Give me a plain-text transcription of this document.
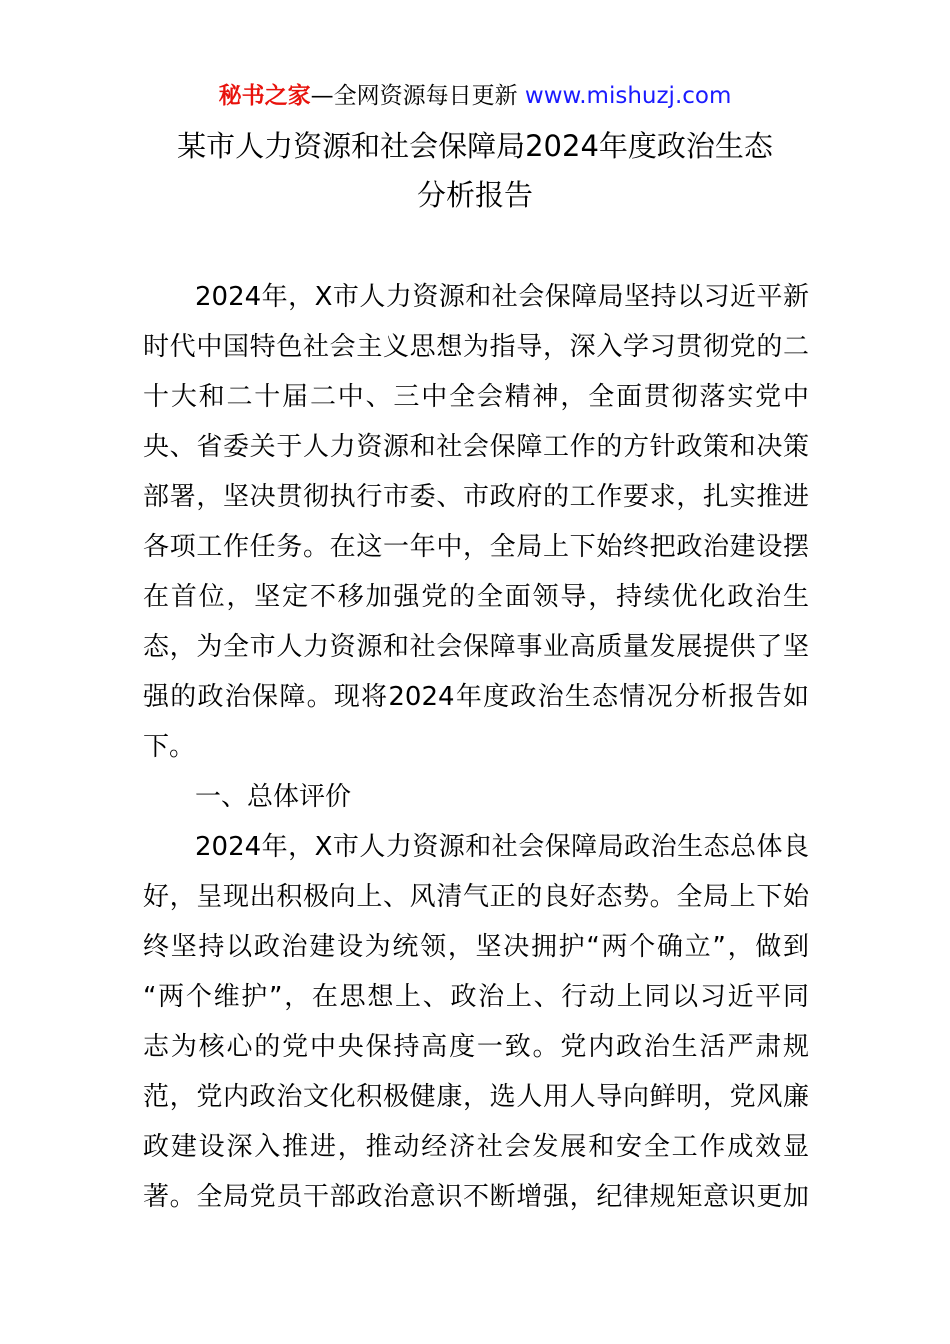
秘书之家—全网资源每日更新 www.mishuzj.com
某市人力资源和社会保障局2024年度政治生态
分析报告
2024年，X市人力资源和社会保障局坚持以习近平新
时代中国特色社会主义思想为指导，深入学习贯彻党的二
十大和二十届二中、三中全会精神，全面贯彻落实党中
央、省委关于人力资源和社会保障工作的方针政策和决策
部署，坚决贯彻执行市委、市政府的工作要求，扎实推进
各项工作任务。在这一年中，全局上下始终把政治建设摆
在首位，坚定不移加强党的全面领导，持续优化政治生
态，为全市人力资源和社会保障事业高质量发展提供了坚
强的政治保障。现将2024年度政治生态情况分析报告如
下。
一、总体评价
2024年，X市人力资源和社会保障局政治生态总体良
好，呈现出积极向上、风清气正的良好态势。全局上下始
终坚持以政治建设为统领，坚决拥护“两个确立”，做到
“两个维护”，在思想上、政治上、行动上同以习近平同
志为核心的党中央保持高度一致。党内政治生活严肃规
范，党内政治文化积极健康，选人用人导向鲜明，党风廉
政建设深入推进，推动经济社会发展和安全工作成效显
著。全局党员干部政治意识不断增强，纪律规矩意识更加
